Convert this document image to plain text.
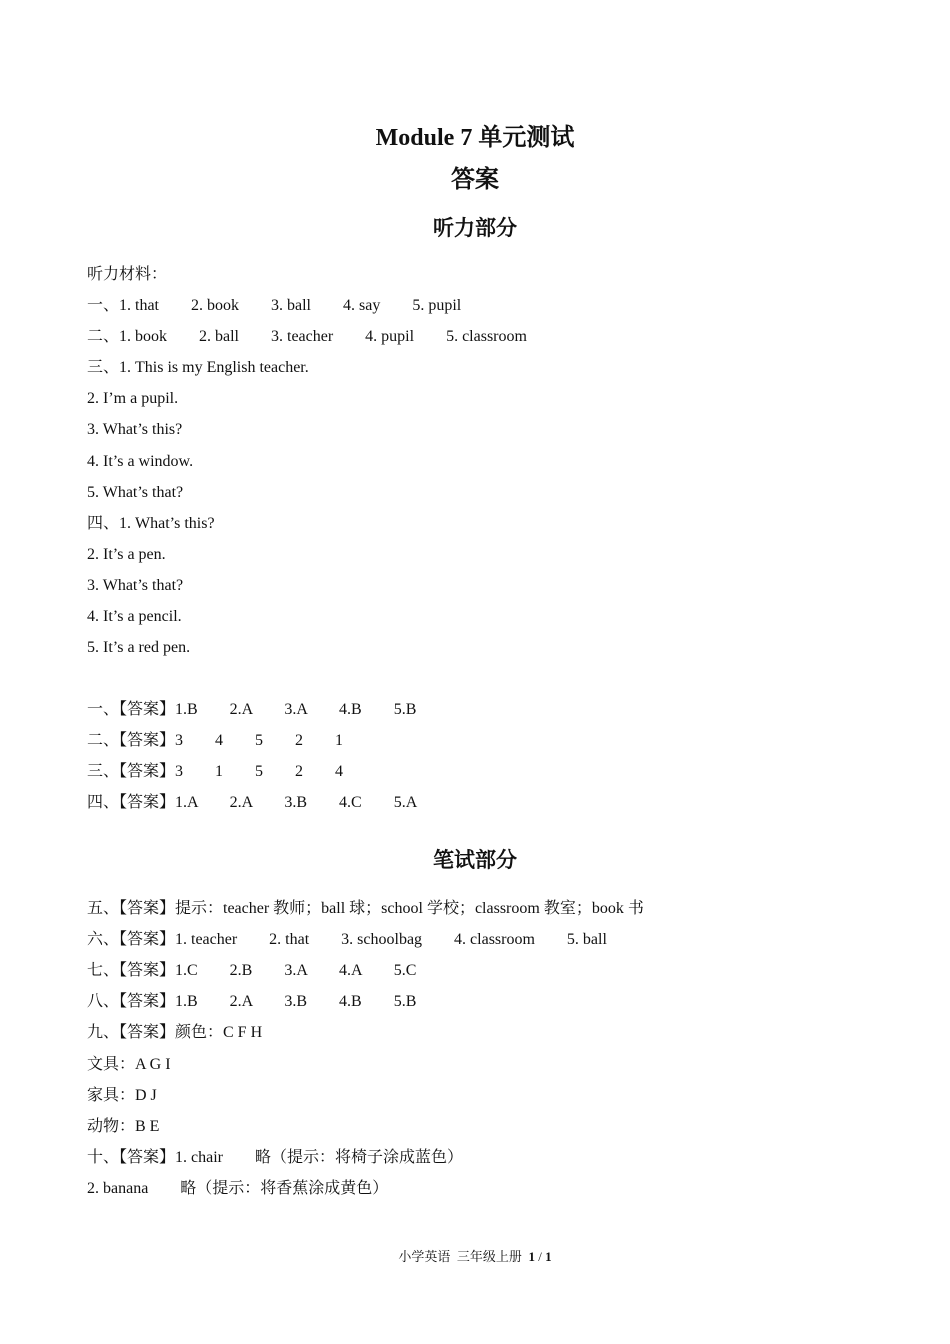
Module 7 单元测试
答案
听力部分
听力材料：
一、1. that        2. book        3. ball        4. say        5. pupil
二、1. book        2. ball        3. teacher        4. pupil        5. classroom
三、1. This is my English teacher.
2. I’m a pupil.
3. What’s this?
4. It’s a window.
5. What’s that?
四、1. What’s this?
2. It’s a pen.
3. What’s that?
4. It’s a pencil.
5. It’s a red pen.
一、【答案】1.B        2.A        3.A        4.B        5.B
二、【答案】3        4        5        2        1
三、【答案】3        1        5        2        4
四、【答案】1.A        2.A        3.B        4.C        5.A
笔试部分
五、【答案】提示：teacher 教师；ball 球；school 学校；classroom 教室；book 书
六、【答案】1. teacher        2. that        3. schoolbag        4. classroom        5. ball
七、【答案】1.C        2.B        3.A        4.A        5.C
八、【答案】1.B        2.A        3.B        4.B        5.B
九、【答案】颜色：C F H
文具：A G I
家具：D J
动物：B E
十、【答案】1. chair        略（提示：将椅子涂成蓝色）
2. banana        略（提示：将香蕉涂成黄色）
小学英语  三年级上册  1 / 1
